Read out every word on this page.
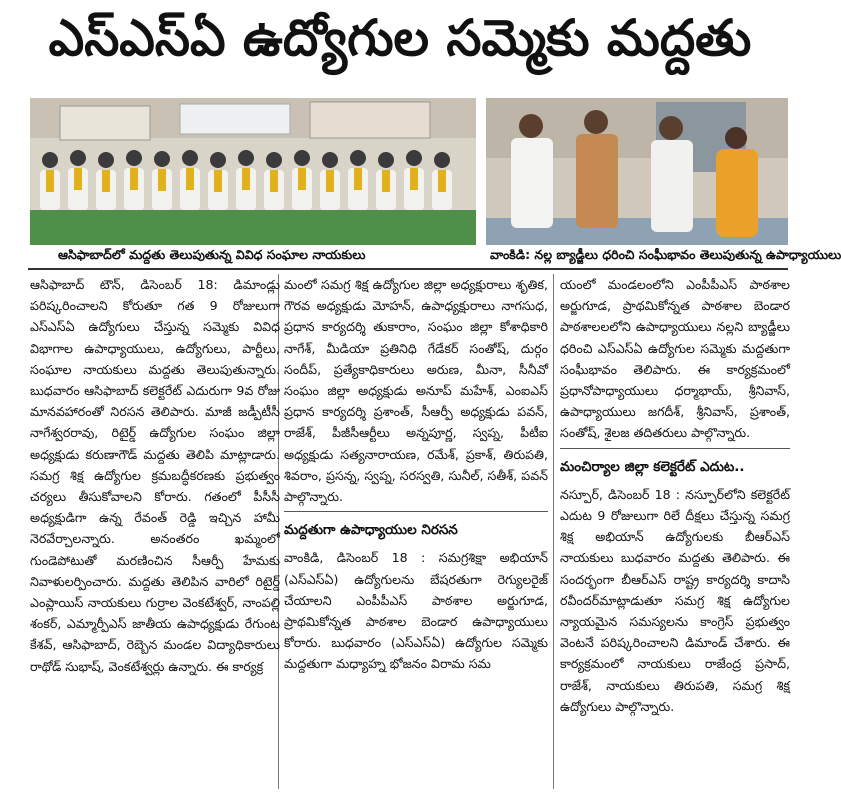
ఎస్ఎస్ఏ ఉద్యోగుల సమ్మెకు మద్దతు
ఆసిఫాబాద్‌లో మద్దతు తెలుపుతున్న వివిధ సంఘాల నాయకులు	వాంకిడి: నల్ల బ్యాడ్జీలు ధరించి సంఘీభావం తెలుపుతున్న ఉపాధ్యాయులు

ఆసిఫాబాద్ టౌన్, డిసెంబర్ 18: డిమాండ్లు పరిష్కరించాలని కోరుతూ గత 9 రోజులుగా ఎస్ఎస్ఏ ఉద్యోగులు చేస్తున్న సమ్మెకు వివిధ విభాగాల ఉపాధ్యాయులు, ఉద్యోగులు, పార్టీలు, సంఘాల నాయకులు మద్దతు తెలుపుతున్నారు. బుధవారం ఆసిఫాబాద్ కలెక్టరేట్ ఎదురుగా 9వ రోజు మానవహారంతో నిరసన తెలిపారు. మాజీ జడ్పీటీసీ నాగేశ్వరరావు, రిటైర్డ్ ఉద్యోగుల సంఘం జిల్లా అధ్యక్షుడు కరుణాగౌడ్ మద్దతు తెలిపి మాట్లాడారు. సమగ్ర శిక్ష ఉద్యోగుల క్రమబద్ధీకరణకు ప్రభుత్వం చర్యలు తీసుకోవాలని కోరారు. గతంలో పీసీసీ అధ్యక్షుడిగా ఉన్న రేవంత్ రెడ్డి ఇచ్చిన హామీ నెరవేర్చాలన్నారు. అనంతరం ఖమ్మంలో గుండెపోటుతో మరణించిన సీఆర్పీ హేమకు నివాళులర్పించారు. మద్దతు తెలిపిన వారిలో రిటైర్డ్ ఎంప్లాయిస్ నాయకులు గుర్రాల వెంకటేశ్వర్, నాంపల్లి శంకర్, ఎమ్మార్పీఎస్ జాతీయ ఉపాధ్యక్షుడు రేగుంట కేశవ్, ఆసిఫాబాద్, రెబ్బెన మండల విద్యాధికారులు రాథోడ్ సుభాష్, వెంకటేశ్వర్లు ఉన్నారు. ఈ కార్యక్ర

మంలో సమగ్ర శిక్ష ఉద్యోగుల జిల్లా అధ్యక్షురాలు శృతిక, గౌరవ అధ్యక్షుడు మోహన్, ఉపాధ్యక్షురాలు నాగసుధ, ప్రధాన కార్యదర్శి తుకారాం, సంఘం జిల్లా కోశాధికారి నాగేశ్, మీడియా ప్రతినిధి గేడేకర్ సంతోష్, దుర్గం సందీప్, ప్రత్యేకాధికారులు అరుణ, మీనా, సీనీవో సంఘం జిల్లా అధ్యక్షుడు అనూప్ మహేశ్, ఎంఐఎస్ ప్రధాన కార్యదర్శి ప్రశాంత్, సీఆర్పీ అధ్యక్షుడు పవన్, రాజేశ్, పీజీసీఆర్టీలు అన్నపూర్ణ, స్వప్న, పీటీఐ అధ్యక్షుడు సత్యనారాయణ, రమేశ్, ప్రకాశ్, తిరుపతి, శివరాం, ప్రసన్న, స్వప్న, సరస్వతి, సునీల్, సతీశ్, పవన్ పాల్గొన్నారు.

మద్దతుగా ఉపాధ్యాయుల నిరసన

వాంకిడి, డిసెంబర్ 18 : సమగ్రశిక్షా అభియాన్ (ఎస్ఎస్ఏ) ఉద్యోగులను బేషరతుగా రెగ్యులరైజ్ చేయాలని ఎంపీపీఎస్ పాఠశాల అర్జుగూడ, ప్రాథమికోన్నత పాఠశాల బెండార ఉపాధ్యాయులు కోరారు. బుధవారం (ఎస్ఎస్ఏ) ఉద్యోగుల సమ్మెకు మద్దతుగా మధ్యాహ్న భోజనం విరామ సమ

యంలో మండలంలోని ఎంపీపీఎస్ పాఠశాల అర్జుగూడ, ప్రాథమికోన్నత పాఠశాల బెండార పాఠశాలలలోని ఉపాధ్యాయులు నల్లని బ్యాడ్జీలు ధరించి ఎస్ఎస్ఏ ఉద్యోగుల సమ్మెకు మద్దతుగా సంఘీభావం తెలిపారు. ఈ కార్యక్రమంలో ప్రధానోపాధ్యాయులు ధర్మాభాయ్, శ్రీనివాస్, ఉపాధ్యాయులు జగదీశ్, శ్రీనివాస్, ప్రశాంత్, సంతోష్, శైలజ తదితరులు పాల్గొన్నారు.

మంచిర్యాల జిల్లా కలెక్టరేట్ ఎదుట..

నస్పూర్, డిసెంబర్ 18 : నస్పూర్‌లోని కలెక్టరేట్ ఎదుట 9 రోజులుగా రిలే దీక్షలు చేస్తున్న సమగ్ర శిక్ష అభియాన్ ఉద్యోగులకు బీఆర్ఎస్ నాయకులు బుధవారం మద్దతు తెలిపారు. ఈ సందర్భంగా బీఆర్ఎస్ రాష్ట్ర కార్యదర్శి కాదాసి రవీందర్‌మాట్లాడుతూ సమగ్ర శిక్ష ఉద్యోగుల న్యాయమైన సమస్యలను కాంగ్రెస్ ప్రభుత్వం వెంటనే పరిష్కరించాలని డిమాండ్ చేశారు. ఈ కార్యక్రమంలో నాయకులు రాజేంద్ర ప్రసాద్, రాజేశ్, నాయకులు తిరుపతి, సమగ్ర శిక్ష ఉద్యోగులు పాల్గొన్నారు.
